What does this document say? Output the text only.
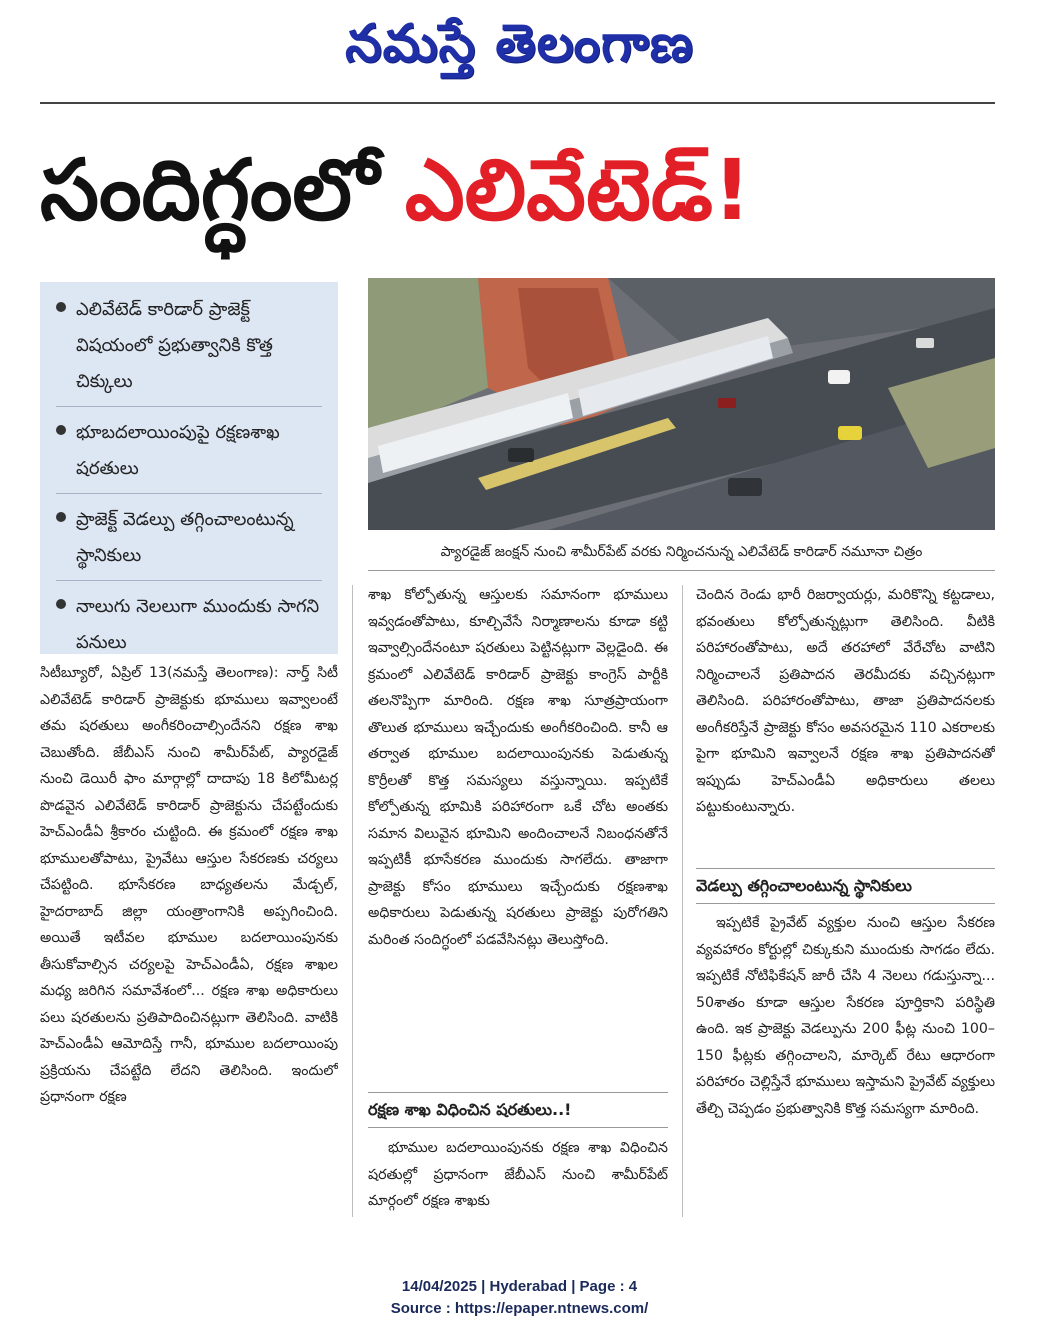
నమస్తే తెలంగాణ
సందిగ్ధంలో ఎలివేటెడ్‌!
ఎలివేటెడ్‌ కారిడార్‌ ప్రాజెక్ట్‌ విషయంలో ప్రభుత్వానికి కొత్త చిక్కులు
భూబదలాయింపుపై రక్షణశాఖ షరతులు
ప్రాజెక్ట్‌ వెడల్పు తగ్గించాలంటున్న స్థానికులు
నాలుగు నెలలుగా ముందుకు సాగని పనులు
ప్యారడైజ్‌ జంక్షన్‌ నుంచి శామీర్‌పేట్‌ వరకు నిర్మించనున్న ఎలివేటెడ్‌ కారిడార్‌ నమూనా చిత్రం

సిటీబ్యూరో, ఏప్రిల్‌ 13(నమస్తే తెలంగాణ): నార్త్‌ సిటీ ఎలివేటెడ్‌ కారిడార్‌ ప్రాజెక్టుకు భూములు ఇవ్వాలంటే తమ షరతులు అంగీకరించాల్సిందేనని రక్షణ శాఖ చెబుతోంది. జేబీఎస్‌ నుంచి శామీర్‌పేట్‌, ప్యారడైజ్‌ నుంచి డెయిరీ ఫాం మార్గాల్లో దాదాపు 18 కిలోమీటర్ల పొడవైన ఎలివేటెడ్‌ కారిడార్‌ ప్రాజెక్టును చేపట్టేందుకు హెచ్‌ఎండీఏ శ్రీకారం చుట్టింది. ఈ క్రమంలో రక్షణ శాఖ భూములతోపాటు, ప్రైవేటు ఆస్తుల సేకరణకు చర్యలు చేపట్టింది. భూసేకరణ బాధ్యతలను మేడ్చల్‌, హైదరాబాద్‌ జిల్లా యంత్రాంగానికి అప్పగించింది. అయితే ఇటీవల భూముల బదలాయింపునకు తీసుకోవాల్సిన చర్యలపై హెచ్‌ఎండీఏ, రక్షణ శాఖల మధ్య జరిగిన సమావేశంలో... రక్షణ శాఖ అధికారులు పలు షరతులను ప్రతిపాదించినట్లుగా తెలిసింది. వాటికి హెచ్‌ఎండీఏ ఆమోదిస్తే గానీ, భూముల బదలాయింపు ప్రక్రియను చేపట్టేది లేదని తెలిసింది. ఇందులో ప్రధానంగా రక్షణ

శాఖ కోల్పోతున్న ఆస్తులకు సమానంగా భూములు ఇవ్వడంతోపాటు, కూల్చివేసే నిర్మాణాలను కూడా కట్టి ఇవ్వాల్సిందేనంటూ షరతులు పెట్టినట్లుగా వెల్లడైంది. ఈ క్రమంలో ఎలివేటెడ్‌ కారిడార్‌ ప్రాజెక్టు కాంగ్రెస్‌ పార్టీకి తలనొప్పిగా మారింది. రక్షణ శాఖ సూత్రప్రాయంగా తొలుత భూములు ఇచ్చేందుకు అంగీకరించింది. కానీ ఆ తర్వాత భూముల బదలాయింపునకు పెడుతున్న కొర్రీలతో కొత్త సమస్యలు వస్తున్నాయి. ఇప్పటికే కోల్పోతున్న భూమికి పరిహారంగా ఒకే చోట అంతకు సమాన విలువైన భూమిని అందించాలనే నిబంధనతోనే ఇప్పటికీ భూసేకరణ ముందుకు సాగలేదు. తాజాగా ప్రాజెక్టు కోసం భూములు ఇచ్చేందుకు రక్షణశాఖ అధికారులు పెడుతున్న షరతులు ప్రాజెక్టు పురోగతిని మరింత సందిగ్ధంలో పడవేసినట్లు తెలుస్తోంది.

రక్షణ శాఖ విధించిన షరతులు..!

భూముల బదలాయింపునకు రక్షణ శాఖ విధించిన షరతుల్లో ప్రధానంగా జేబీఎస్‌ నుంచి శామీర్‌పేట్‌ మార్గంలో రక్షణ శాఖకు

చెందిన రెండు భారీ రిజర్వాయర్లు, మరికొన్ని కట్టడాలు, భవంతులు కోల్పోతున్నట్లుగా తెలిసింది. వీటికి పరిహారంతోపాటు, అదే తరహాలో వేరేచోట వాటిని నిర్మించాలనే ప్రతిపాదన తెరమీదకు వచ్చినట్లుగా తెలిసింది. పరిహారంతోపాటు, తాజా ప్రతిపాదనలకు అంగీకరిస్తేనే ప్రాజెక్టు కోసం అవసరమైన 110 ఎకరాలకు పైగా భూమిని ఇవ్వాలనే రక్షణ శాఖ ప్రతిపాదనతో ఇప్పుడు హెచ్‌ఎండీఏ అధికారులు తలలు పట్టుకుంటున్నారు.

వెడల్పు తగ్గించాలంటున్న స్థానికులు

ఇప్పటికే ప్రైవేట్‌ వ్యక్తుల నుంచి ఆస్తుల సేకరణ వ్యవహారం కోర్టుల్లో చిక్కుకుని ముందుకు సాగడం లేదు. ఇప్పటికే నోటిఫికేషన్‌ జారీ చేసి 4 నెలలు గడుస్తున్నా... 50శాతం కూడా ఆస్తుల సేకరణ పూర్తికాని పరిస్థితి ఉంది. ఇక ప్రాజెక్టు వెడల్పును 200 ఫీట్ల నుంచి 100–150 ఫీట్లకు తగ్గించాలని, మార్కెట్‌ రేటు ఆధారంగా పరిహారం చెల్లిస్తేనే భూములు ఇస్తామని ప్రైవేట్‌ వ్యక్తులు తేల్చి చెప్పడం ప్రభుత్వానికి కొత్త సమస్యగా మారింది.

14/04/2025 | Hyderabad | Page : 4
Source : https://epaper.ntnews.com/
